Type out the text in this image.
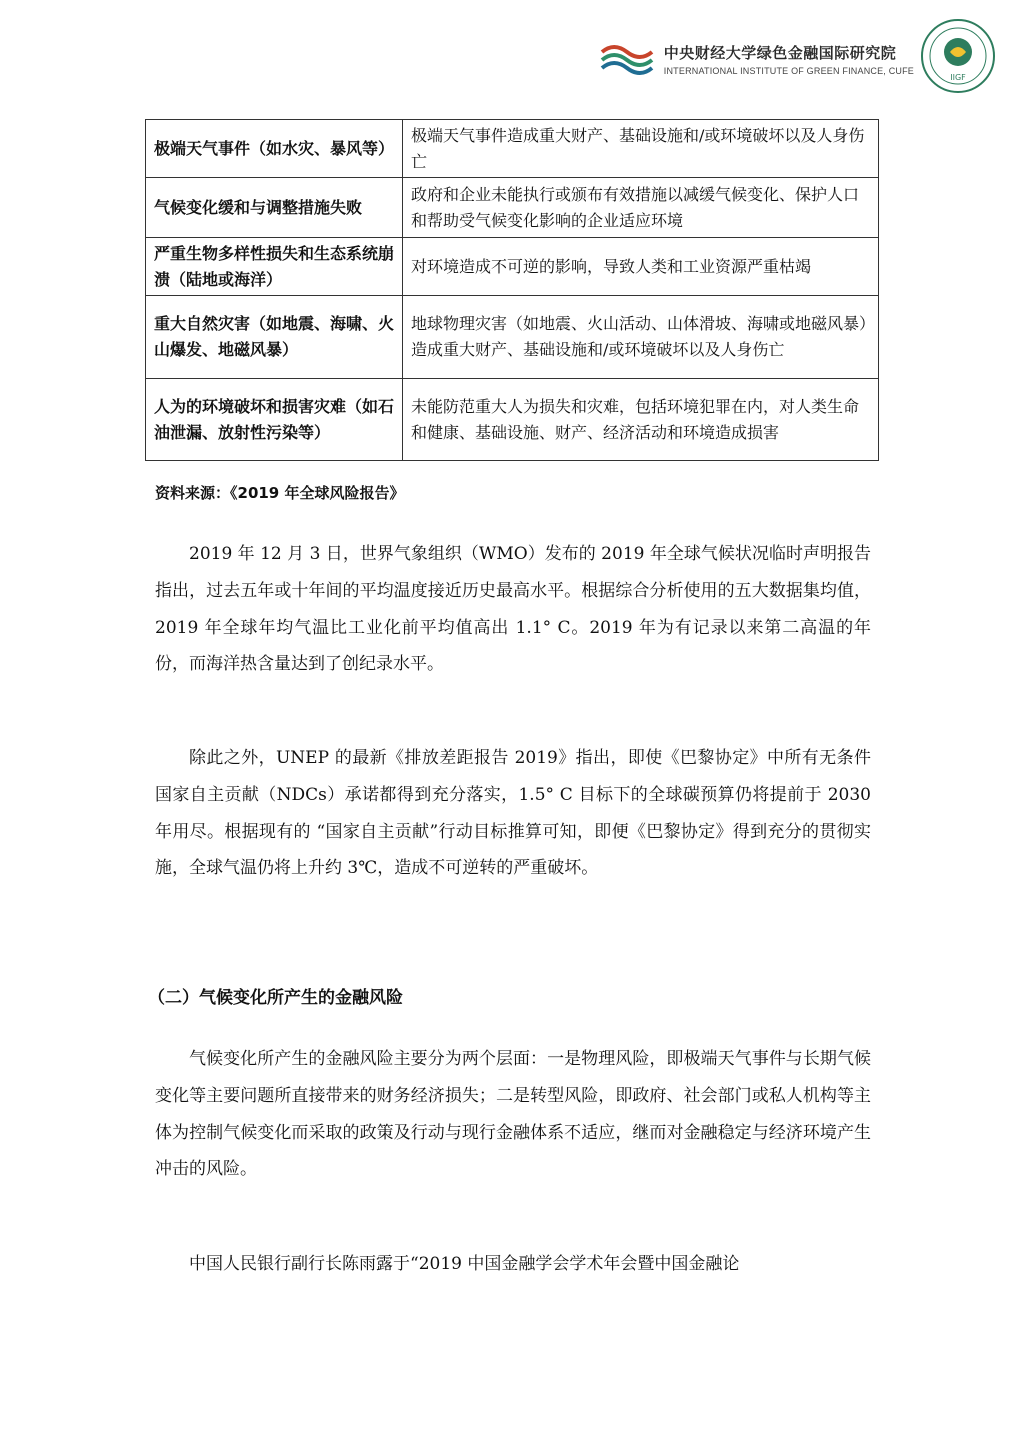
中央财经大学绿色金融国际研究院
INTERNATIONAL INSTITUTE OF GREEN FINANCE, CUFE
IIGF
极端天气事件（如水灾、暴风等）	极端天气事件造成重大财产、基础设施和/或环境破坏以及人身伤亡
气候变化缓和与调整措施失败	政府和企业未能执行或颁布有效措施以减缓气候变化、保护人口和帮助受气候变化影响的企业适应环境
严重生物多样性损失和生态系统崩溃（陆地或海洋）	对环境造成不可逆的影响，导致人类和工业资源严重枯竭
重大自然灾害（如地震、海啸、火山爆发、地磁风暴）	地球物理灾害（如地震、火山活动、山体滑坡、海啸或地磁风暴）造成重大财产、基础设施和/或环境破坏以及人身伤亡
人为的环境破坏和损害灾难（如石油泄漏、放射性污染等）	未能防范重大人为损失和灾难，包括环境犯罪在内，对人类生命和健康、基础设施、财产、经济活动和环境造成损害
资料来源：《2019 年全球风险报告》

2019 年 12 月 3 日，世界气象组织（WMO）发布的 2019 年全球气候状况临时声明报告指出，过去五年或十年间的平均温度接近历史最高水平。根据综合分析使用的五大数据集均值，2019 年全球年均气温比工业化前平均值高出 1.1° C。2019 年为有记录以来第二高温的年份，而海洋热含量达到了创纪录水平。

除此之外，UNEP 的最新《排放差距报告 2019》指出，即使《巴黎协定》中所有无条件国家自主贡献（NDCs）承诺都得到充分落实，1.5° C 目标下的全球碳预算仍将提前于 2030 年用尽。根据现有的 “国家自主贡献”行动目标推算可知，即便《巴黎协定》得到充分的贯彻实施，全球气温仍将上升约 3℃，造成不可逆转的严重破坏。

（二）气候变化所产生的金融风险

气候变化所产生的金融风险主要分为两个层面：一是物理风险，即极端天气事件与长期气候变化等主要问题所直接带来的财务经济损失；二是转型风险，即政府、社会部门或私人机构等主体为控制气候变化而采取的政策及行动与现行金融体系不适应，继而对金融稳定与经济环境产生冲击的风险。

中国人民银行副行长陈雨露于“2019 中国金融学会学术年会暨中国金融论
